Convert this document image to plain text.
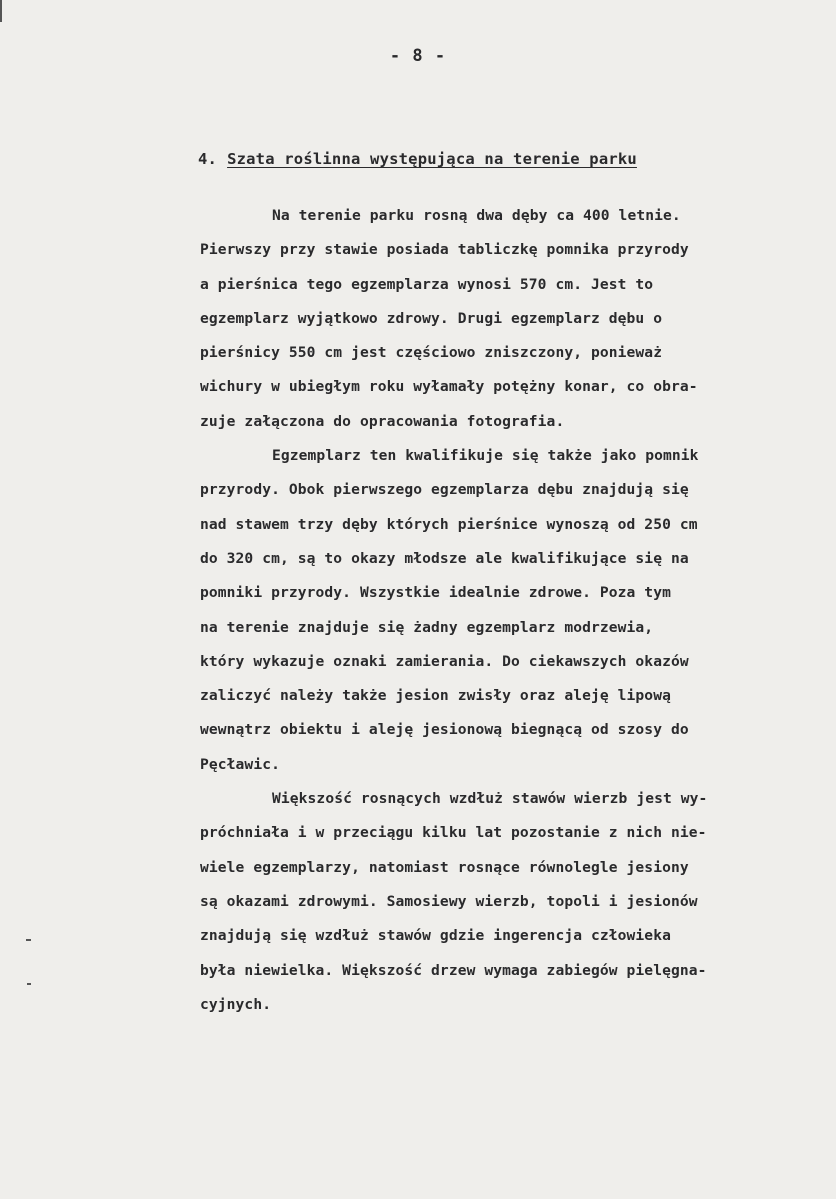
- 8 -
4. Szata roślinna występująca na terenie parku
Na terenie parku rosną dwa dęby ca 400 letnie.
Pierwszy przy stawie posiada tabliczkę pomnika przyrody
a pierśnica tego egzemplarza wynosi 570 cm. Jest to
egzemplarz wyjątkowo zdrowy. Drugi egzemplarz dębu o
pierśnicy 550 cm jest częściowo zniszczony, ponieważ
wichury w ubiegłym roku wyłamały potężny konar, co obra-
zuje załączona do opracowania fotografia.
Egzemplarz ten kwalifikuje się także jako pomnik
przyrody. Obok pierwszego egzemplarza dębu znajdują się
nad stawem trzy dęby których pierśnice wynoszą od 250 cm
do 320 cm, są to okazy młodsze ale kwalifikujące się na
pomniki przyrody. Wszystkie idealnie zdrowe. Poza tym
na terenie znajduje się żadny egzemplarz modrzewia,
który wykazuje oznaki zamierania. Do ciekawszych okazów
zaliczyć należy także jesion zwisły oraz aleję lipową
wewnątrz obiektu i aleję jesionową biegnącą od szosy do
Pęcławic.
Większość rosnących wzdłuż stawów wierzb jest wy-
próchniała i w przeciągu kilku lat pozostanie z nich nie-
wiele egzemplarzy, natomiast rosnące równolegle jesiony
są okazami zdrowymi. Samosiewy wierzb, topoli i jesionów
znajdują się wzdłuż stawów gdzie ingerencja człowieka
była niewielka. Większość drzew wymaga zabiegów pielęgna-
cyjnych.
